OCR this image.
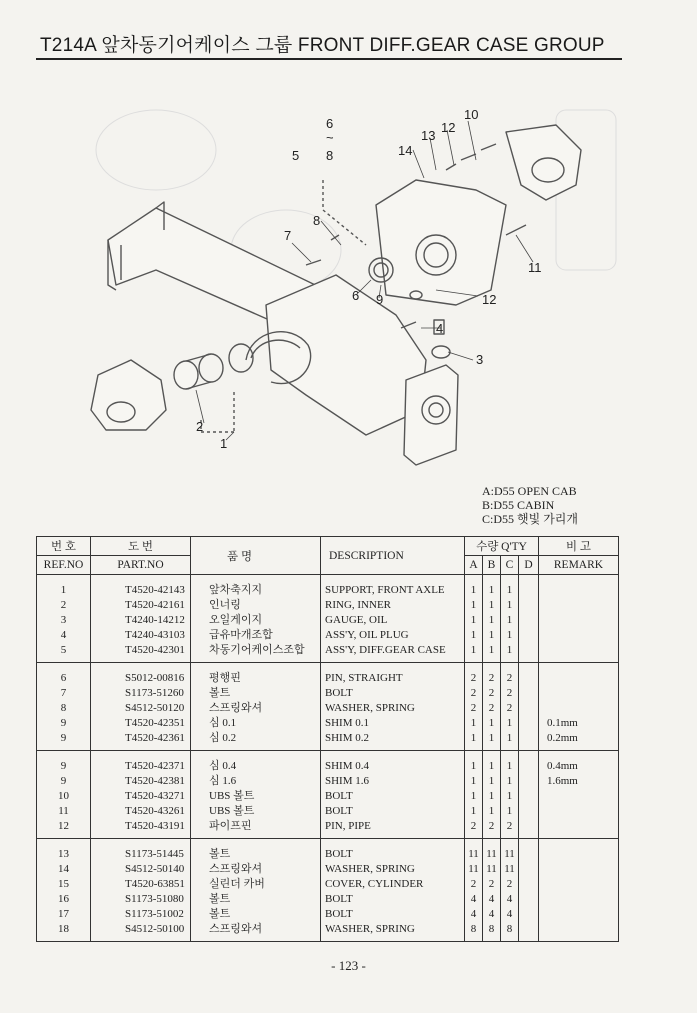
T214A 앞차동기어케이스 그룹 FRONT DIFF.GEAR CASE GROUP
10
12
13
14
6
~
8
5
8
7
11
6 9	12
4
3
2
1
A:D55 OPEN CAB
B:D55 CABIN
C:D55 햇빛 가리개
번 호	도 번	품 명	DESCRIPTION	수량 Q'TY				비 고
REF.NO	PART.NO			A	B	C	D	REMARK
1	T4520-42143	앞차축지지	SUPPORT, FRONT AXLE	1	1	1		
2	T4520-42161	인너링	RING, INNER	1	1	1		
3	T4240-14212	오일게이지	GAUGE, OIL	1	1	1		
4	T4240-43103	급유마개조합	ASS'Y, OIL PLUG	1	1	1		
5	T4520-42301	차동기어케이스조합	ASS'Y, DIFF.GEAR CASE	1	1	1		
6	S5012-00816	평행핀	PIN, STRAIGHT	2	2	2		
7	S1173-51260	볼트	BOLT	2	2	2		
8	S4512-50120	스프링와셔	WASHER, SPRING	2	2	2		
9	T4520-42351	심 0.1	SHIM 0.1	1	1	1		0.1mm
9	T4520-42361	심 0.2	SHIM 0.2	1	1	1		0.2mm
9	T4520-42371	심 0.4	SHIM 0.4	1	1	1		0.4mm
9	T4520-42381	심 1.6	SHIM 1.6	1	1	1		1.6mm
10	T4520-43271	UBS 볼트	BOLT	1	1	1		
11	T4520-43261	UBS 볼트	BOLT	1	1	1		
12	T4520-43191	파이프핀	PIN, PIPE	2	2	2		
13	S1173-51445	볼트	BOLT	11	11	11		
14	S4512-50140	스프링와셔	WASHER, SPRING	11	11	11		
15	T4520-63851	실린더 카버	COVER, CYLINDER	2	2	2		
16	S1173-51080	볼트	BOLT	4	4	4		
17	S1173-51002	볼트	BOLT	4	4	4		
18	S4512-50100	스프링와셔	WASHER, SPRING	8	8	8		
- 123 -
